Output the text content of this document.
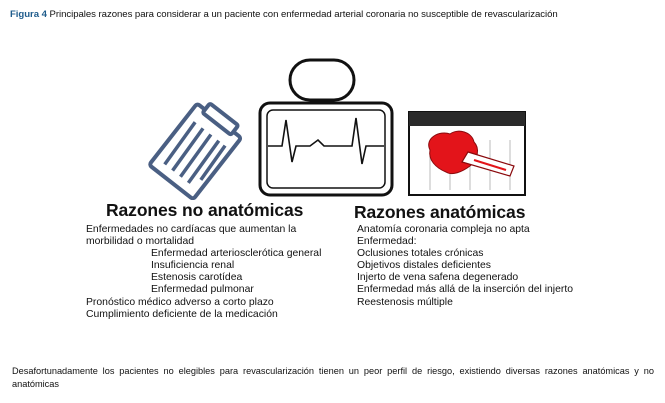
Figura 4 Principales razones para considerar a un paciente con enfermedad arterial coronaria no susceptible de revascularización
Razones no anatómicas	Razones anatómicas
Enfermedades no cardíacas que aumentan la
morbilidad o mortalidad
Enfermedad arteriosclerótica general
Insuficiencia renal
Estenosis carotídea
Enfermedad pulmonar
Pronóstico médico adverso a corto plazo
Cumplimiento deficiente de la medicación
Anatomía coronaria compleja no apta
Enfermedad:
Oclusiones totales crónicas
Objetivos distales deficientes
Injerto de vena safena degenerado
Enfermedad más allá de la inserción del injerto
Reestenosis múltiple
Desafortunadamente los pacientes no elegibles para revascularización tienen un peor perfil de riesgo, existiendo diversas razones anatómicas y no anatómicas
